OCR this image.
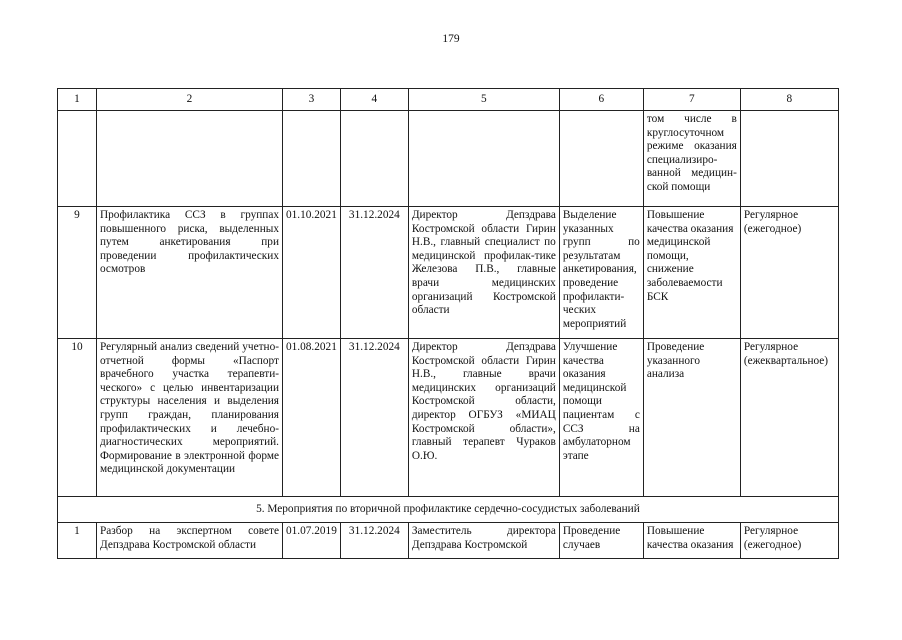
179
1	2	3	4	5	6	7	8
						том числе в круглосуточном режиме оказания специализиро-ванной медицин-ской помощи	
9	Профилактика ССЗ в группах повышенного риска, выделенных путем анкетирования при проведении профилактических осмотров	01.10.2021	31.12.2024	Директор Депздрава Костромской области Гирин Н.В., главный специалист по медицинской профилак-тике Железова П.В., главные врачи медицинских организаций Костромской области	Выделение указанных групп по результатам анкетирования, проведение профилакти-ческих мероприятий	Повышение качества оказания медицинской помощи, снижение заболеваемости БСК	Регулярное (ежегодное)
10	Регулярный анализ сведений учетно-отчетной формы «Паспорт врачебного участка терапевти-ческого» с целью инвентаризации структуры населения и выделения групп граждан, планирования профилактических и лечебно-диагностических мероприятий. Формирование в электронной форме медицинской документации	01.08.2021	31.12.2024	Директор Депздрава Костромской области Гирин Н.В., главные врачи медицинских организаций Костромской области, директор ОГБУЗ «МИАЦ Костромской области», главный терапевт Чураков О.Ю.	Улучшение качества оказания медицинской помощи пациентам с ССЗ на амбулаторном этапе	Проведение указанного анализа	Регулярное (ежеквартальное)
5. Мероприятия по вторичной профилактике сердечно-сосудистых заболеваний							
1	Разбор на экспертном совете Депздрава Костромской области	01.07.2019	31.12.2024	Заместитель директора Депздрава Костромской	Проведение случаев	Повышение качества оказания	Регулярное (ежегодное)
